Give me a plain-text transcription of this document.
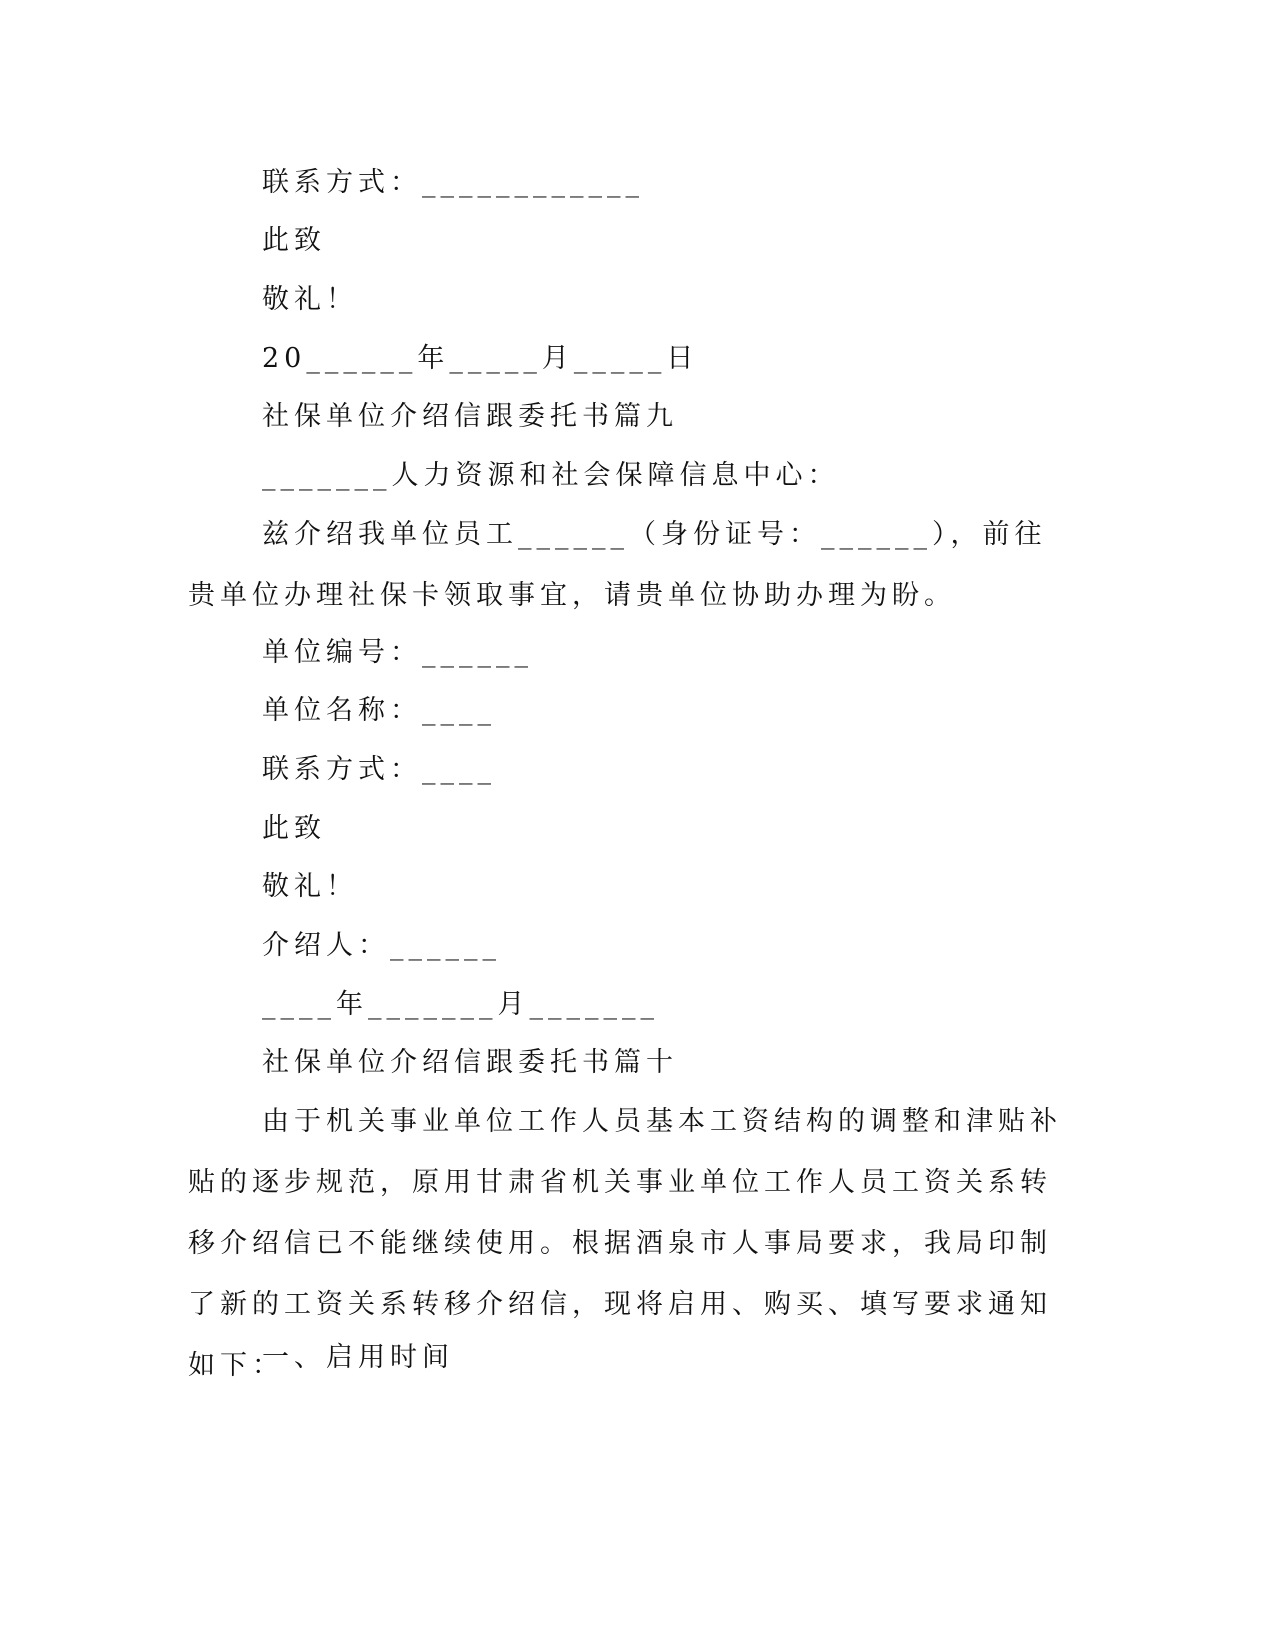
联系方式：____________
此致
敬礼！
20______年_____月_____日
社保单位介绍信跟委托书篇九
_______人力资源和社会保障信息中心：
兹介绍我单位员工______（身份证号：______），前往贵单位办理社保卡领取事宜，请贵单位协助办理为盼。
单位编号：______
单位名称：____
联系方式：____
此致
敬礼！
介绍人：______
____年_______月_______
社保单位介绍信跟委托书篇十
由于机关事业单位工作人员基本工资结构的调整和津贴补贴的逐步规范，原用甘肃省机关事业单位工作人员工资关系转移介绍信已不能继续使用。根据酒泉市人事局要求，我局印制了新的工资关系转移介绍信，现将启用、购买、填写要求通知如下：
一、启用时间
